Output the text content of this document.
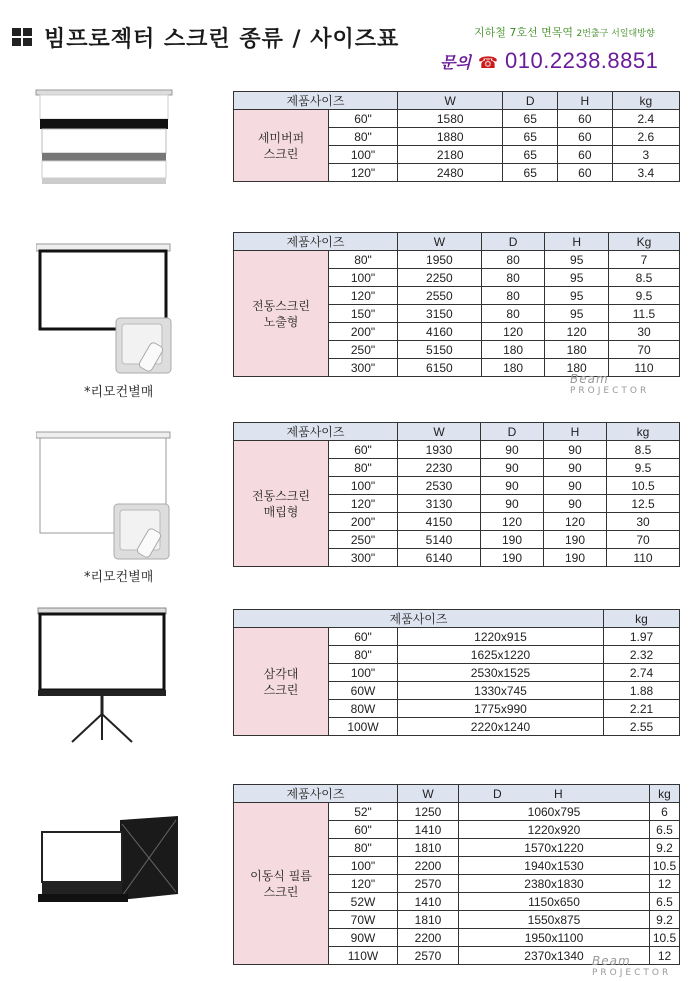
빔프로젝터 스크린 종류 / 사이즈표	지하철 7호선 면목역 2번출구 서일대방향
문의 ☎ 010.2238.8851
제품사이즈		W	D	H	kg
세미버퍼
스크린	60"	1580	65	60	2.4
	80"	1880	65	60	2.6
	100"	2180	65	60	3
	120"	2480	65	60	3.4
*리모컨별매
제품사이즈		W	D	H	Kg
전동스크린
노출형	80"	1950	80	95	7
	100"	2250	80	95	8.5
	120"	2550	80	95	9.5
	150"	3150	80	95	11.5
	200"	4160	120	120	30
	250"	5150	180	180	70
	300"	6150	180	180	110
Beam
PROJECTOR
*리모컨별매
제품사이즈		W	D	H	kg
전동스크린
매립형	60"	1930	90	90	8.5
	80"	2230	90	90	9.5
	100"	2530	90	90	10.5
	120"	3130	90	90	12.5
	200"	4150	120	120	30
	250"	5140	190	190	70
	300"	6140	190	190	110
제품사이즈			kg
삼각대
스크린	60"	1220x915	1.97
	80"	1625x1220	2.32
	100"	2530x1525	2.74
	60W	1330x745	1.88
	80W	1775x990	2.21
	100W	2220x1240	2.55
제품사이즈		W	D H	kg
이동식 필름
스크린	52"	1250	1060x795	6
	60"	1410	1220x920	6.5
	80"	1810	1570x1220	9.2
	100"	2200	1940x1530	10.5
	120"	2570	2380x1830	12
	52W	1410	1150x650	6.5
	70W	1810	1550x875	9.2
	90W	2200	1950x1100	10.5
	110W	2570	2370x1340	12
Beam
PROJECTOR
